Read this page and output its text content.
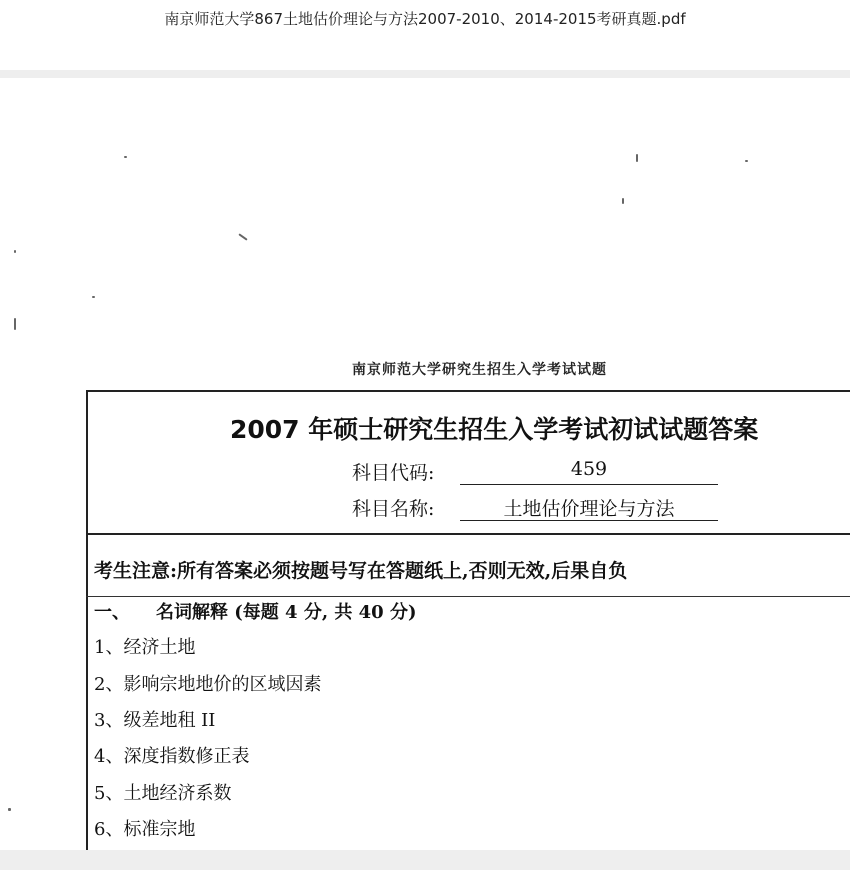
南京师范大学867土地估价理论与方法2007-2010、2014-2015考研真题.pdf
南京师范大学研究生招生入学考试试题
2007 年硕士研究生招生入学考试初试试题答案
科目代码:	459
科目名称:	土地估价理论与方法
考生注意:所有答案必须按题号写在答题纸上,否则无效,后果自负
一、 名词解释 (每题 4 分, 共 40 分)
1、经济土地
2、影响宗地地价的区域因素
3、级差地租 II
4、深度指数修正表
5、土地经济系数
6、标准宗地
